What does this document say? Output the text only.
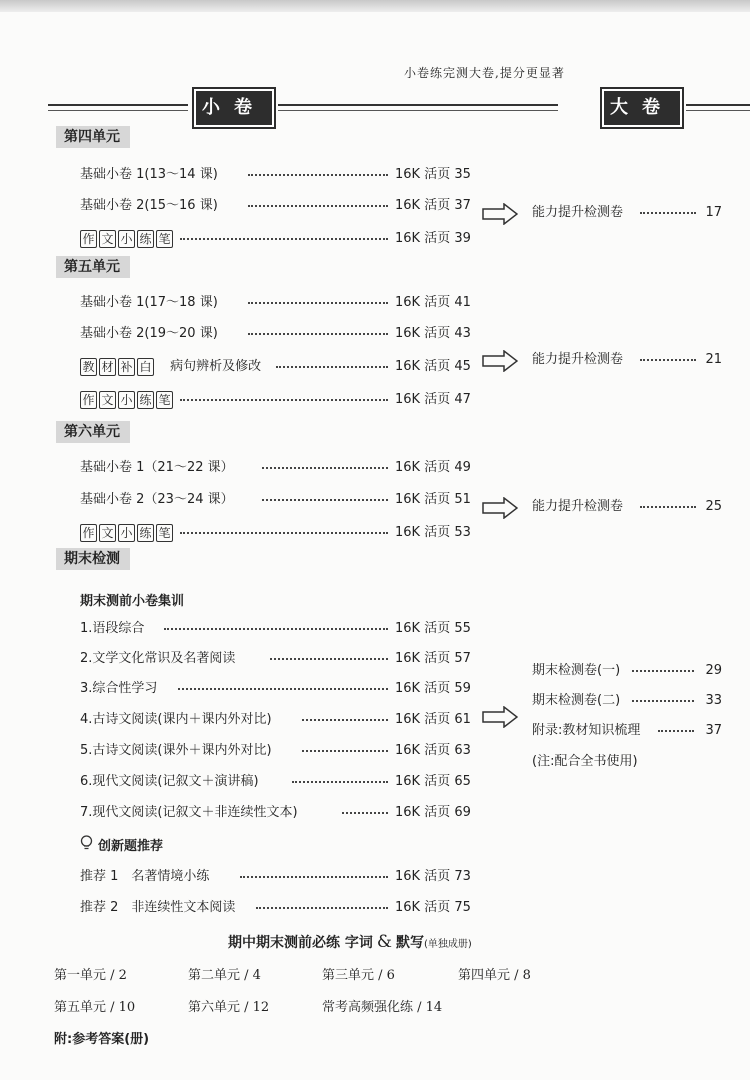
小卷练完测大卷,提分更显著
小卷	大卷
第四单元
基础小卷 1(13～14 课)	16K 活页 35
基础小卷 2(15～16 课)	16K 活页 37
作 文 小 练 笔	16K 活页 39
能力提升检测卷	17
第五单元
基础小卷 1(17～18 课)	16K 活页 41
基础小卷 2(19～20 课)	16K 活页 43
教 材 补 白 病句辨析及修改	16K 活页 45
作 文 小 练 笔	16K 活页 47
能力提升检测卷	21
第六单元
基础小卷 1（21～22 课）	16K 活页 49
基础小卷 2（23～24 课）	16K 活页 51
作 文 小 练 笔	16K 活页 53
能力提升检测卷	25
期末检测
期末测前小卷集训
1.语段综合	16K 活页 55
2.文学文化常识及名著阅读	16K 活页 57
3.综合性学习	16K 活页 59
4.古诗文阅读(课内＋课内外对比)	16K 活页 61
5.古诗文阅读(课外＋课内外对比)	16K 活页 63
6.现代文阅读(记叙文＋演讲稿)	16K 活页 65
7.现代文阅读(记叙文＋非连续性文本)	16K 活页 69
创新题推荐
推荐 1　名著情境小练	16K 活页 73
推荐 2　非连续性文本阅读	16K 活页 75
期末检测卷(一)	29
期末检测卷(二)	33
附录:教材知识梳理	37
(注:配合全书使用)
期中期末测前必练 字词 & 默写(单独成册)
第一单元 / 2	第二单元 / 4	第三单元 / 6	第四单元 / 8
第五单元 / 10	第六单元 / 12	常考高频强化练 / 14
附:参考答案(册)
